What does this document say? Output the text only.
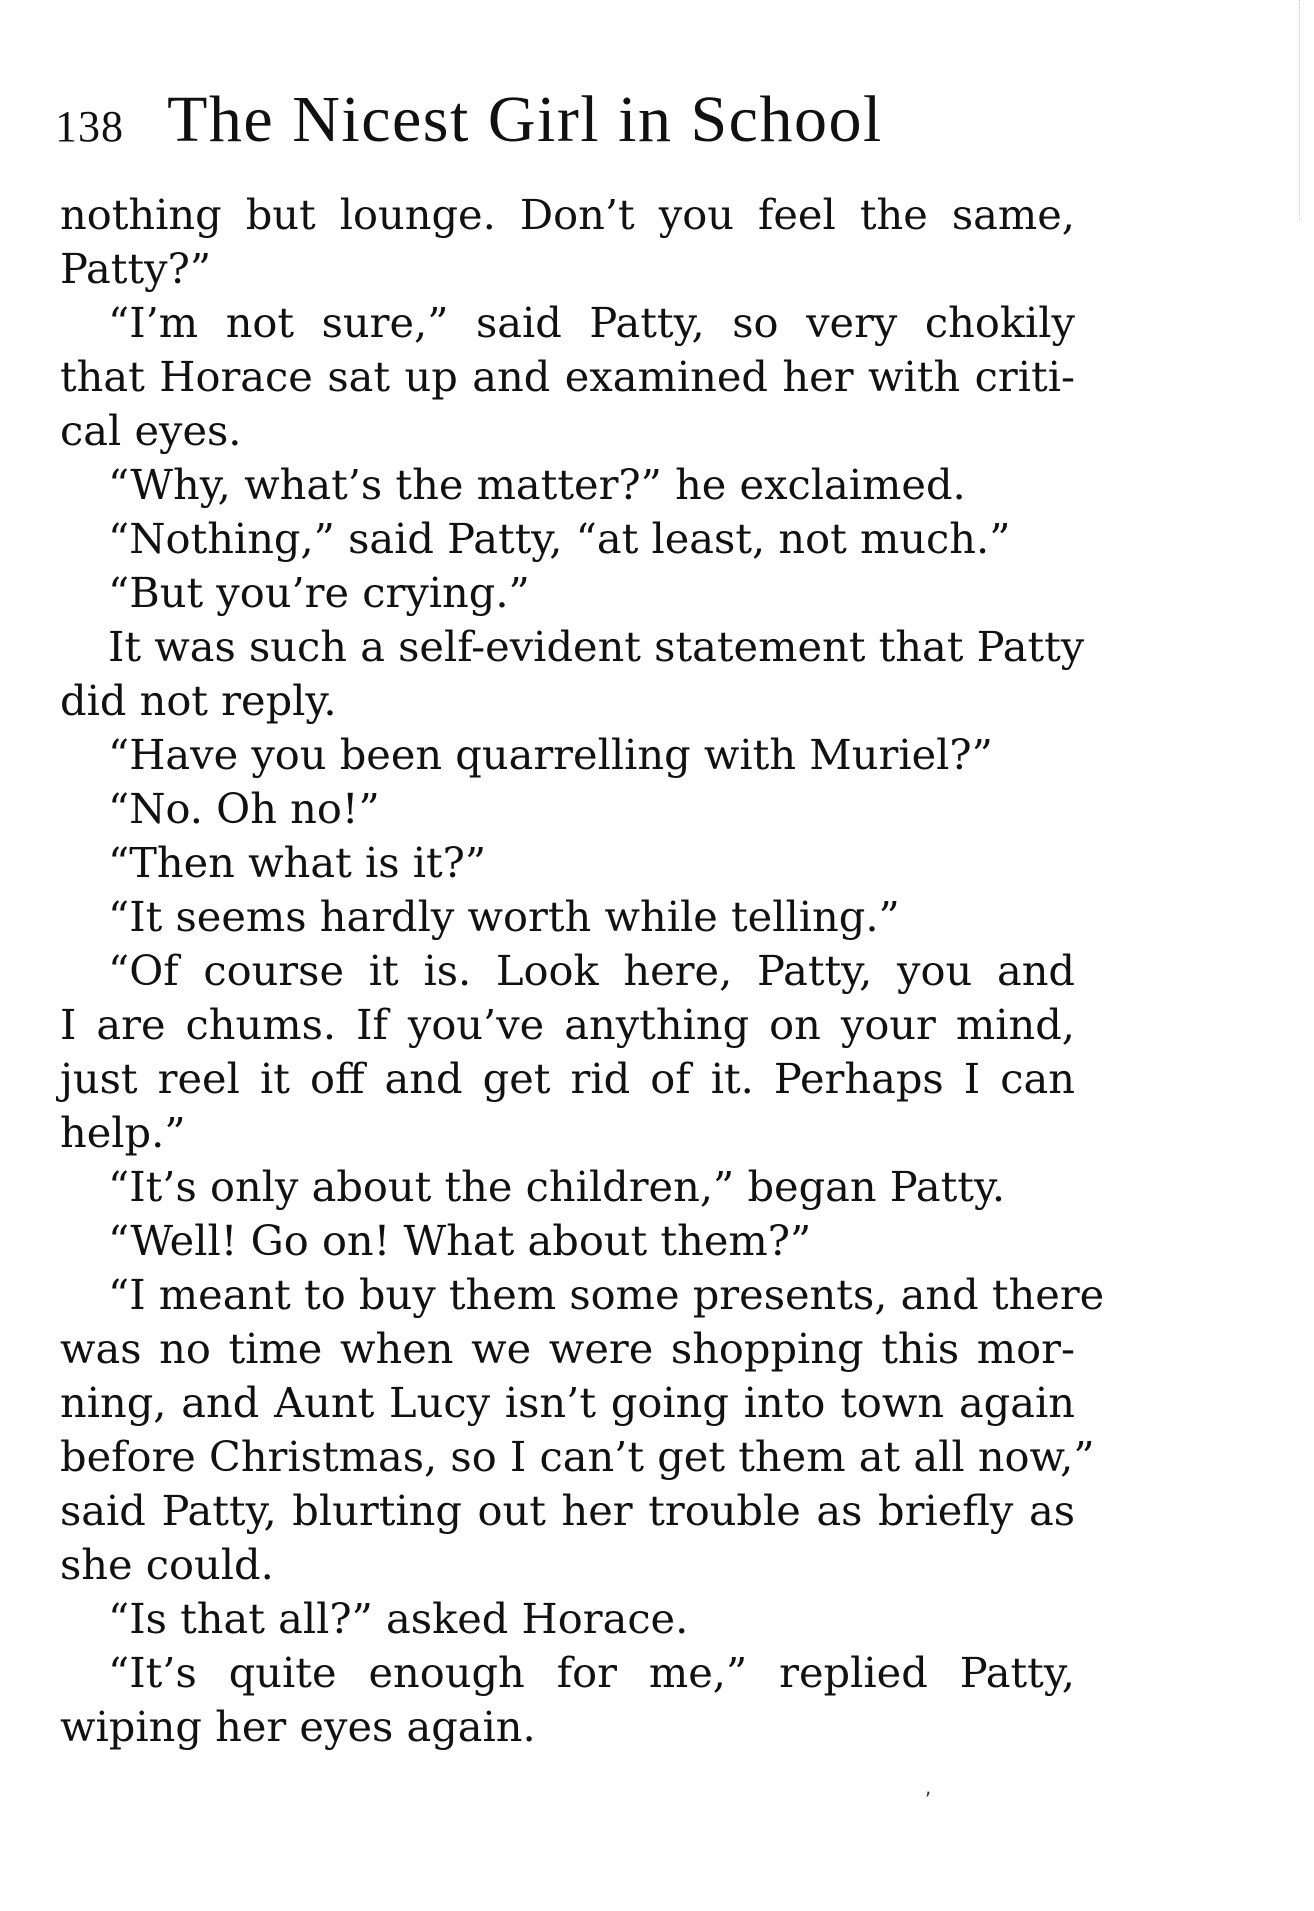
138 The Nicest Girl in School
nothing but lounge. Don’t you feel the same,
Patty?”
“I’m not sure,” said Patty, so very chokily
that Horace sat up and examined her with criti-
cal eyes.
“Why, what’s the matter?” he exclaimed.
“Nothing,” said Patty, “at least, not much.”
“But you’re crying.”
It was such a self-evident statement that Patty
did not reply.
“Have you been quarrelling with Muriel?”
“No. Oh no!”
“Then what is it?”
“It seems hardly worth while telling.”
“Of course it is. Look here, Patty, you and
I are chums. If you’ve anything on your mind,
just reel it off and get rid of it. Perhaps I can
help.”
“It’s only about the children,” began Patty.
“Well! Go on! What about them?”
“I meant to buy them some presents, and there
was no time when we were shopping this mor-
ning, and Aunt Lucy isn’t going into town again
before Christmas, so I can’t get them at all now,”
said Patty, blurting out her trouble as briefly as
she could.
“Is that all?” asked Horace.
“It’s quite enough for me,” replied Patty,
wiping her eyes again.
,
